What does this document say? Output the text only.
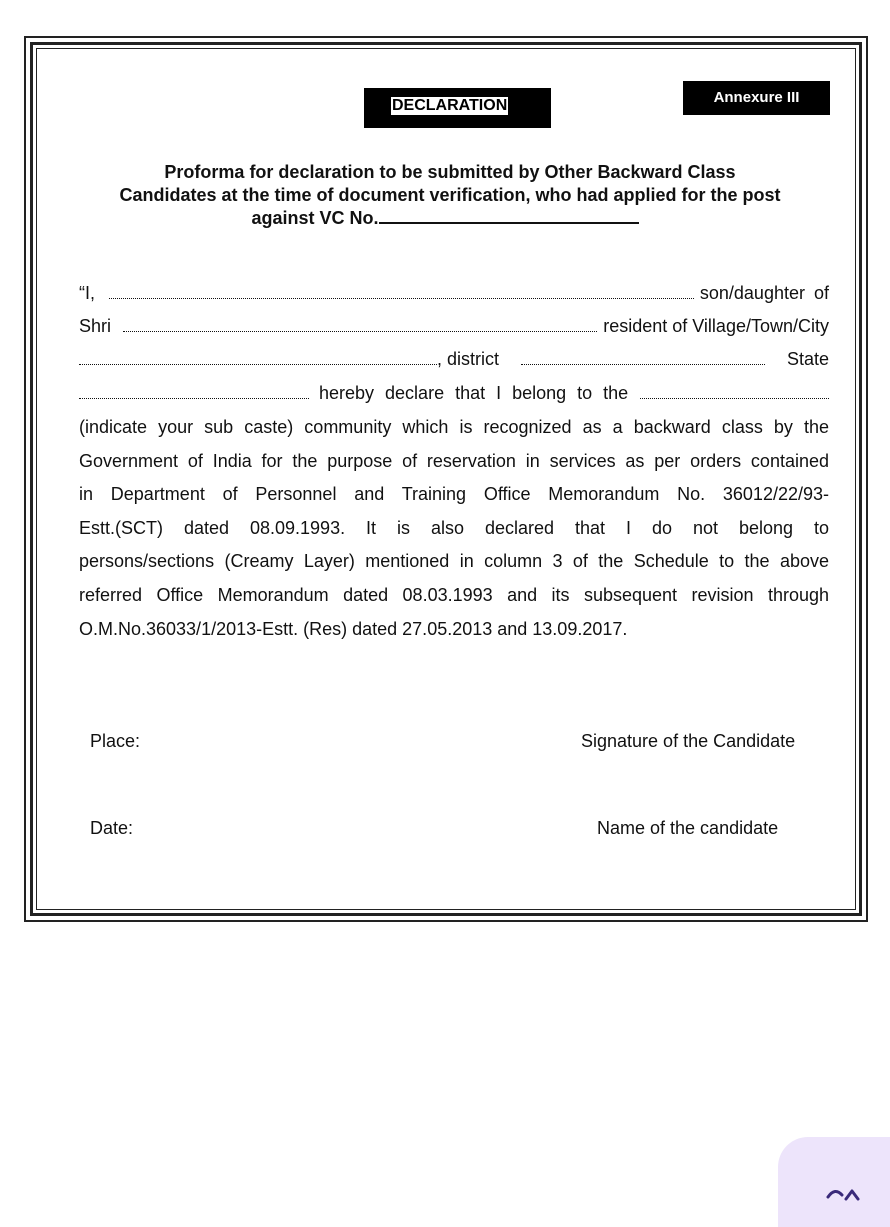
DECLARATION	Annexure III
Proforma for declaration to be submitted by Other Backward Class
Candidates at the time of document verification, who had applied for the post
against VC No.
“I,	son/daughter of
Shri	resident of Village/Town/City
, district	State
hereby declare that I belong to the
(indicate your sub caste) community which is recognized as a backward class by the
Government of India for the purpose of reservation in services as per orders contained
in Department of Personnel and Training Office Memorandum No. 36012/22/93-
Estt.(SCT) dated 08.09.1993. It is also declared that I do not belong to
persons/sections (Creamy Layer) mentioned in column 3 of the Schedule to the above
referred Office Memorandum dated 08.03.1993 and its subsequent revision through
O.M.No.36033/1/2013-Estt. (Res) dated 27.05.2013 and 13.09.2017.
Place:	Signature of the Candidate
Date:	Name of the candidate
